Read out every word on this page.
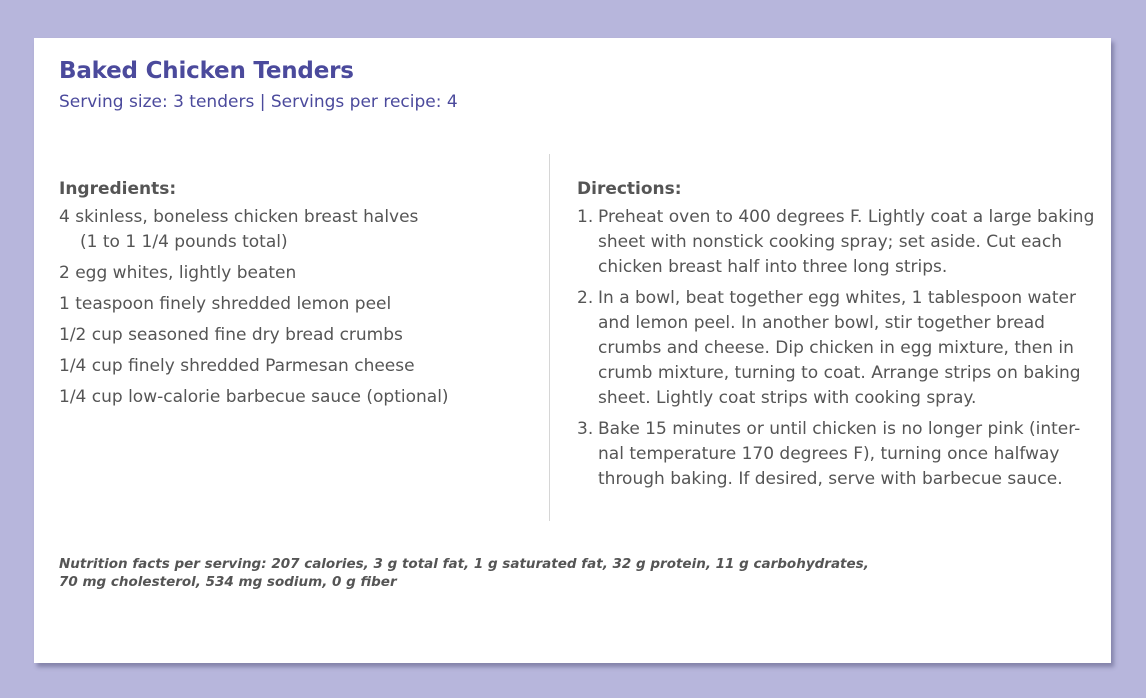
Baked Chicken Tenders

Serving size: 3 tenders | Servings per recipe: 4

Ingredients:
4 skinless, boneless chicken breast halves
(1 to 1 1/4 pounds total)
2 egg whites, lightly beaten
1 teaspoon finely shredded lemon peel
1/2 cup seasoned fine dry bread crumbs
1/4 cup finely shredded Parmesan cheese
1/4 cup low-calorie barbecue sauce (optional)
Directions:
1. Preheat oven to 400 degrees F. Lightly coat a large baking sheet with nonstick cooking spray; set aside. Cut each chicken breast half into three long strips.
2. In a bowl, beat together egg whites, 1 tablespoon water and lemon peel. In another bowl, stir together bread crumbs and cheese. Dip chicken in egg mixture, then in crumb mixture, turning to coat. Arrange strips on baking sheet. Lightly coat strips with cooking spray.
3. Bake 15 minutes or until chicken is no longer pink (inter-nal temperature 170 degrees F), turning once halfway through baking. If desired, serve with barbecue sauce.

Nutrition facts per serving: 207 calories, 3 g total fat, 1 g saturated fat, 32 g protein, 11 g carbohydrates,
70 mg cholesterol, 534 mg sodium, 0 g fiber
